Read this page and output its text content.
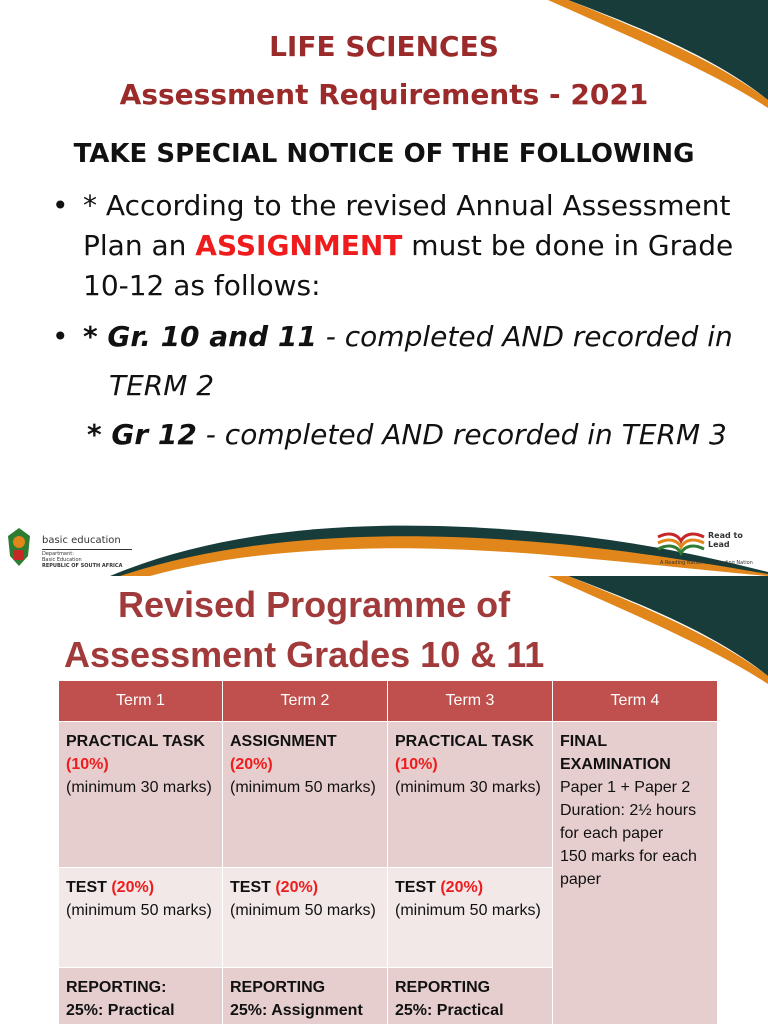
LIFE SCIENCES
Assessment Requirements - 2021
TAKE SPECIAL NOTICE OF THE FOLLOWING
• * According to the revised Annual Assessment Plan an ASSIGNMENT must be done in Grade 10-12 as follows:
• * Gr. 10 and 11 - completed AND recorded in
TERM 2
* Gr 12 - completed AND recorded in TERM 3
basic education
Department:
Basic Education
REPUBLIC OF SOUTH AFRICA
Read to Lead
A Reading Nation is a Leading Nation
Revised Programme of
Assessment Grades 10 & 11
Term 1	Term 2	Term 3	Term 4
PRACTICAL TASK
(10%)
(minimum 30 marks)	ASSIGNMENT
(20%)
(minimum 50 marks)	PRACTICAL TASK
(10%)
(minimum 30 marks)	FINAL EXAMINATION
Paper 1 + Paper 2
Duration: 2½ hours for each paper
150 marks for each paper
TEST (20%)
(minimum 50 marks)	TEST (20%)
(minimum 50 marks)	TEST (20%)
(minimum 50 marks)	
REPORTING:
25%: Practical	REPORTING
25%: Assignment	REPORTING
25%: Practical	
